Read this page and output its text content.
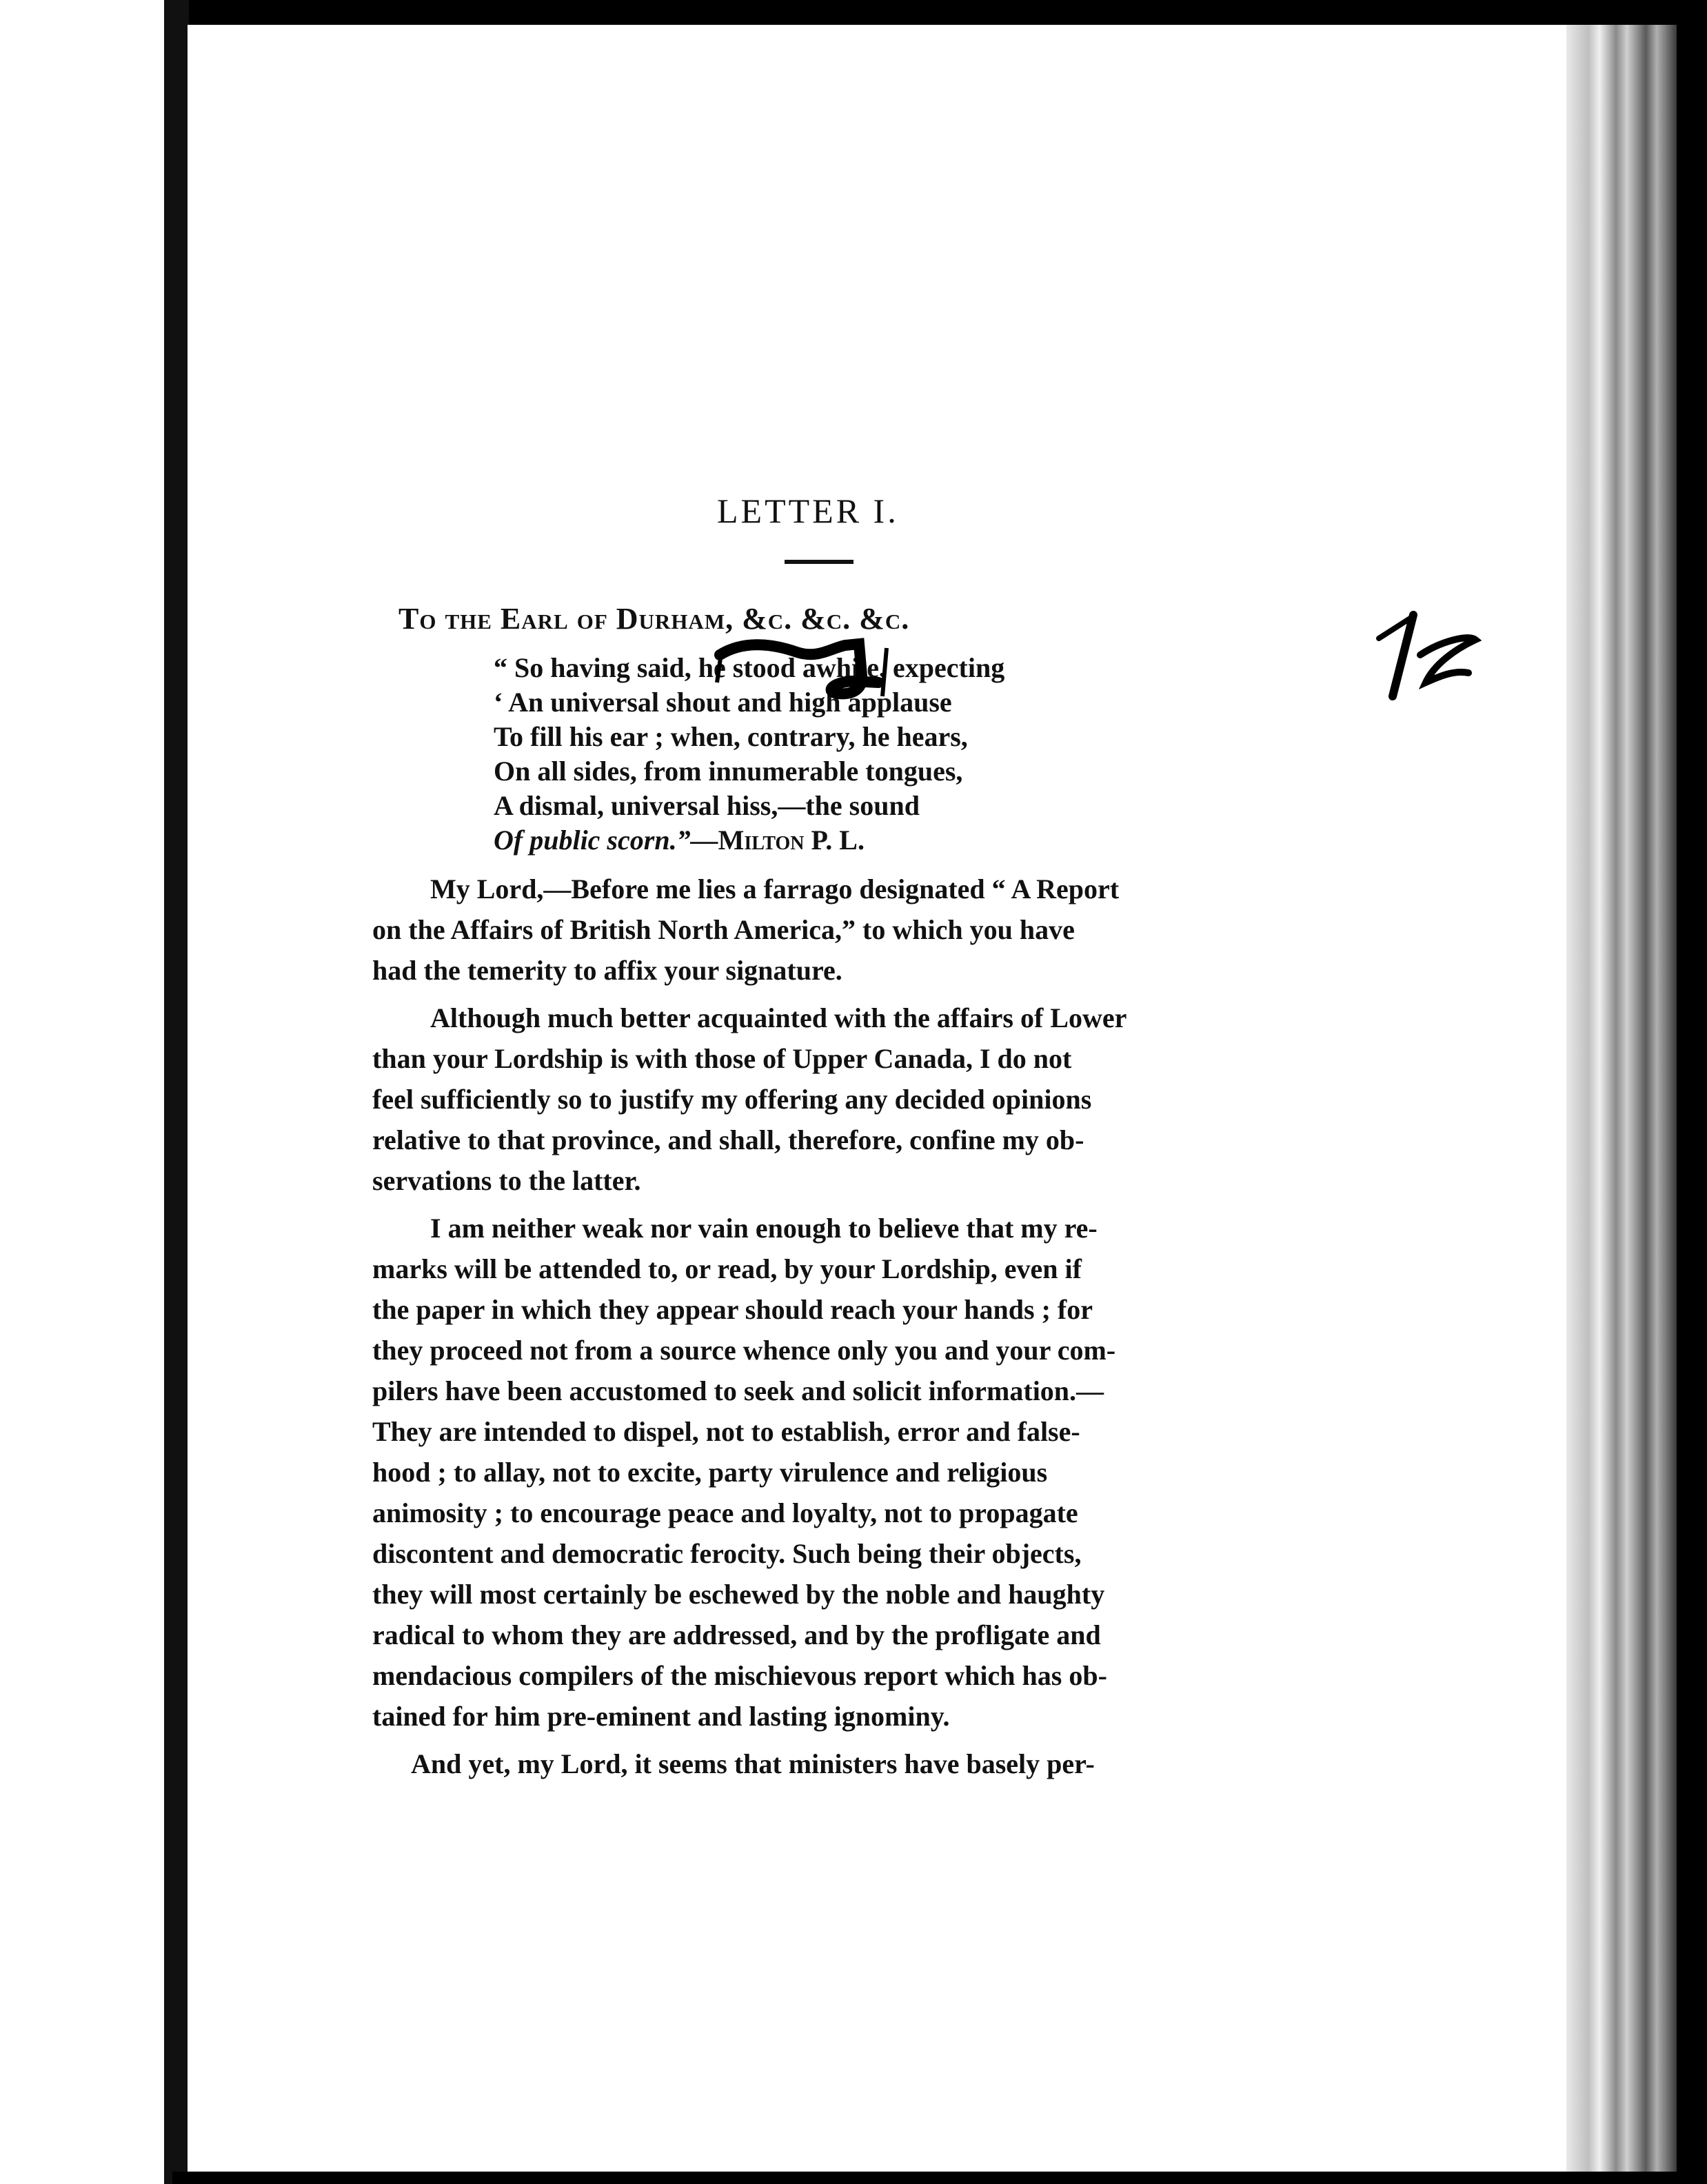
LETTER I.
To the Earl of Durham, &c. &c. &c.
“ So having said, he stood awhile, expecting
‘ An universal shout and high applause
To fill his ear ; when, contrary, he hears,
On all sides, from innumerable tongues,
A dismal, universal hiss,—the sound
Of public scorn.”—Milton P. L.
My Lord,—Before me lies a farrago designated “ A Report
on the Affairs of British North America,” to which you have
had the temerity to affix your signature.
Although much better acquainted with the affairs of Lower
than your Lordship is with those of Upper Canada, I do not
feel sufficiently so to justify my offering any decided opinions
relative to that province, and shall, therefore, confine my ob-
servations to the latter.
I am neither weak nor vain enough to believe that my re-
marks will be attended to, or read, by your Lordship, even if
the paper in which they appear should reach your hands ; for
they proceed not from a source whence only you and your com-
pilers have been accustomed to seek and solicit information.—
They are intended to dispel, not to establish, error and false-
hood ; to allay, not to excite, party virulence and religious
animosity ; to encourage peace and loyalty, not to propagate
discontent and democratic ferocity. Such being their objects,
they will most certainly be eschewed by the noble and haughty
radical to whom they are addressed, and by the profligate and
mendacious compilers of the mischievous report which has ob-
tained for him pre-eminent and lasting ignominy.
And yet, my Lord, it seems that ministers have basely per-
